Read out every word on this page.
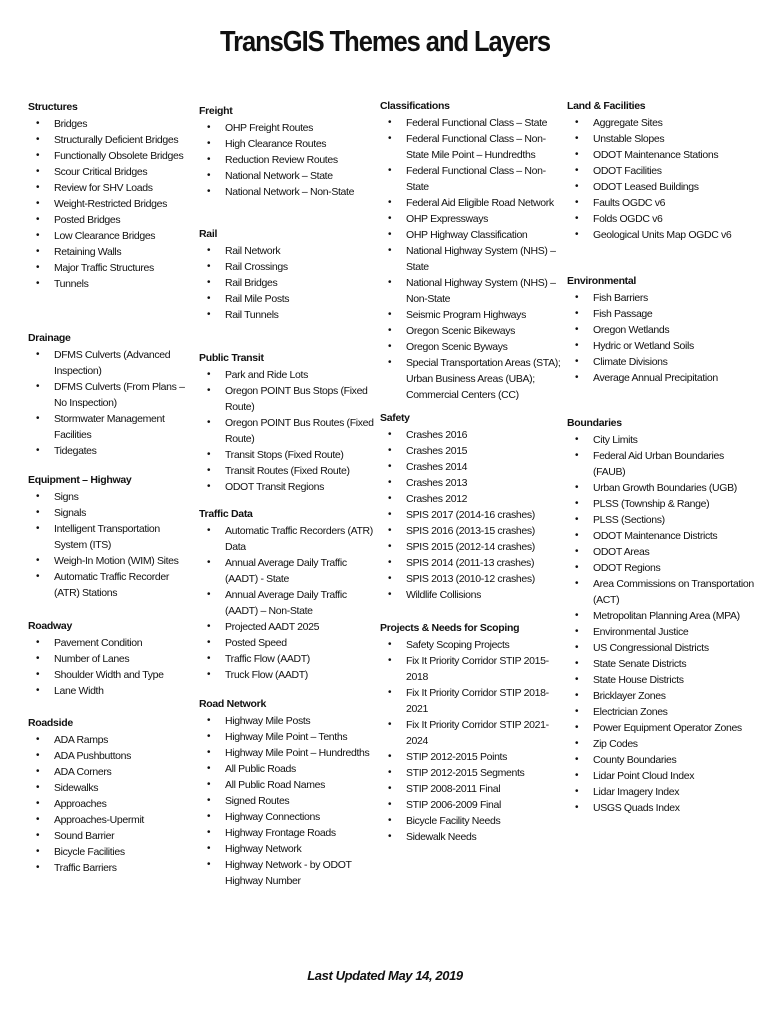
TransGIS Themes and Layers
Structures
• Bridges
• Structurally Deficient Bridges
• Functionally Obsolete Bridges
• Scour Critical Bridges
• Review for SHV Loads
• Weight-Restricted Bridges
• Posted Bridges
• Low Clearance Bridges
• Retaining Walls
• Major Traffic Structures
• Tunnels
Drainage
• DFMS Culverts (Advanced Inspection)
• DFMS Culverts (From Plans – No Inspection)
• Stormwater Management Facilities
• Tidegates
Equipment – Highway
• Signs
• Signals
• Intelligent Transportation System (ITS)
• Weigh-In Motion (WIM) Sites
• Automatic Traffic Recorder (ATR) Stations
Roadway
• Pavement Condition
• Number of Lanes
• Shoulder Width and Type
• Lane Width
Roadside
• ADA Ramps
• ADA Pushbuttons
• ADA Corners
• Sidewalks
• Approaches
• Approaches-Upermit
• Sound Barrier
• Bicycle Facilities
• Traffic Barriers
Freight
• OHP Freight Routes
• High Clearance Routes
• Reduction Review Routes
• National Network – State
• National Network – Non-State
Rail
• Rail Network
• Rail Crossings
• Rail Bridges
• Rail Mile Posts
• Rail Tunnels
Public Transit
• Park and Ride Lots
• Oregon POINT Bus Stops (Fixed Route)
• Oregon POINT Bus Routes (Fixed Route)
• Transit Stops (Fixed Route)
• Transit Routes (Fixed Route)
• ODOT Transit Regions
Traffic Data
• Automatic Traffic Recorders (ATR) Data
• Annual Average Daily Traffic (AADT) - State
• Annual Average Daily Traffic (AADT) – Non-State
• Projected AADT 2025
• Posted Speed
• Traffic Flow (AADT)
• Truck Flow (AADT)
Road Network
• Highway Mile Posts
• Highway Mile Point – Tenths
• Highway Mile Point – Hundredths
• All Public Roads
• All Public Road Names
• Signed Routes
• Highway Connections
• Highway Frontage Roads
• Highway Network
• Highway Network - by ODOT Highway Number
Classifications
• Federal Functional Class – State
• Federal Functional Class – Non-State Mile Point – Hundredths
• Federal Functional Class – Non-State
• Federal Aid Eligible Road Network
• OHP Expressways
• OHP Highway Classification
• National Highway System (NHS) – State
• National Highway System (NHS) – Non-State
• Seismic Program Highways
• Oregon Scenic Bikeways
• Oregon Scenic Byways
• Special Transportation Areas (STA); Urban Business Areas (UBA); Commercial Centers (CC)
Safety
• Crashes 2016
• Crashes 2015
• Crashes 2014
• Crashes 2013
• Crashes 2012
• SPIS 2017 (2014-16 crashes)
• SPIS 2016 (2013-15 crashes)
• SPIS 2015 (2012-14 crashes)
• SPIS 2014 (2011-13 crashes)
• SPIS 2013 (2010-12 crashes)
• Wildlife Collisions
Projects & Needs for Scoping
• Safety Scoping Projects
• Fix It Priority Corridor STIP 2015-2018
• Fix It Priority Corridor STIP 2018-2021
• Fix It Priority Corridor STIP 2021-2024
• STIP 2012-2015 Points
• STIP 2012-2015 Segments
• STIP 2008-2011 Final
• STIP 2006-2009 Final
• Bicycle Facility Needs
• Sidewalk Needs
Land & Facilities
• Aggregate Sites
• Unstable Slopes
• ODOT Maintenance Stations
• ODOT Facilities
• ODOT Leased Buildings
• Faults OGDC v6
• Folds OGDC v6
• Geological Units Map OGDC v6
Environmental
• Fish Barriers
• Fish Passage
• Oregon Wetlands
• Hydric or Wetland Soils
• Climate Divisions
• Average Annual Precipitation
Boundaries
• City Limits
• Federal Aid Urban Boundaries (FAUB)
• Urban Growth Boundaries (UGB)
• PLSS (Township & Range)
• PLSS (Sections)
• ODOT Maintenance Districts
• ODOT Areas
• ODOT Regions
• Area Commissions on Transportation (ACT)
• Metropolitan Planning Area (MPA)
• Environmental Justice
• US Congressional Districts
• State Senate Districts
• State House Districts
• Bricklayer Zones
• Electrician Zones
• Power Equipment Operator Zones
• Zip Codes
• County Boundaries
• Lidar Point Cloud Index
• Lidar Imagery Index
• USGS Quads Index
Last Updated May 14, 2019
